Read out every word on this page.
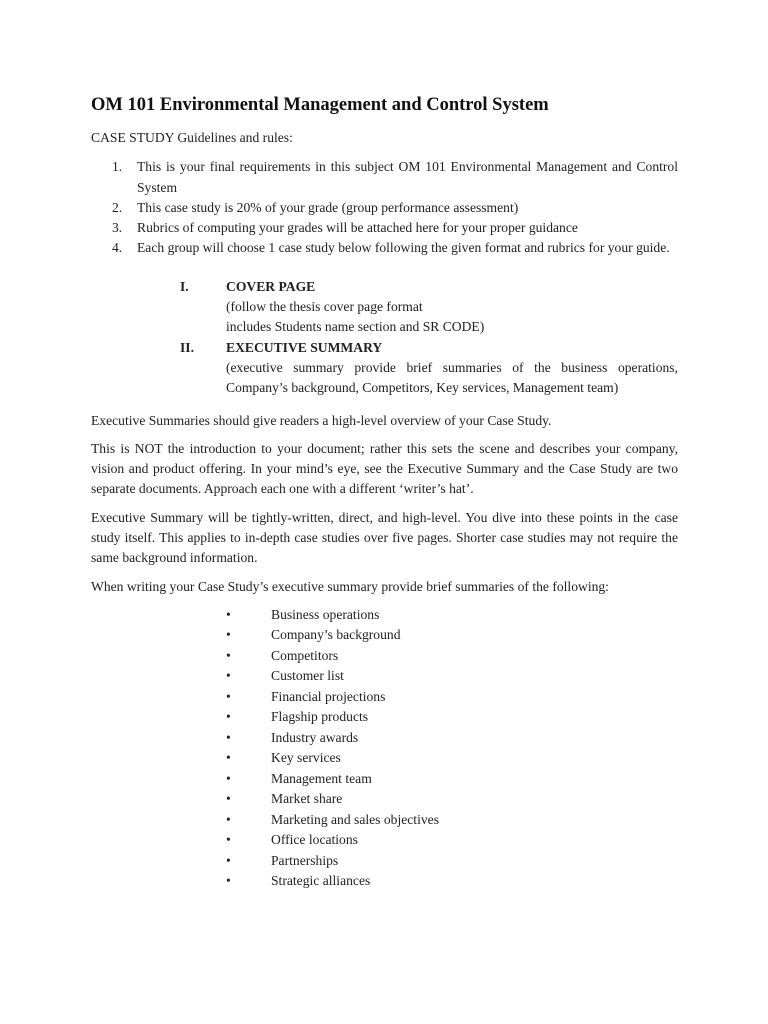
OM 101 Environmental Management and Control System
CASE STUDY Guidelines and rules:
1.	This is your final requirements in this subject OM 101 Environmental Management and Control System
2.	This case study is 20% of your grade (group performance assessment)
3.	Rubrics of computing your grades will be attached here for your proper guidance
4.	Each group will choose 1 case study below following the given format and rubrics for your guide.
I.	COVER PAGE
(follow the thesis cover page format
includes Students name section and SR CODE)
II.	EXECUTIVE SUMMARY
(executive summary provide brief summaries of the business operations, Company’s background, Competitors, Key services, Management team)

Executive Summaries should give readers a high-level overview of your Case Study.

This is NOT the introduction to your document; rather this sets the scene and describes your company, vision and product offering. In your mind’s eye, see the Executive Summary and the Case Study are two separate documents. Approach each one with a different ‘writer’s hat’.

Executive Summary will be tightly-written, direct, and high-level. You dive into these points in the case study itself. This applies to in-depth case studies over five pages. Shorter case studies may not require the same background information.

When writing your Case Study’s executive summary provide brief summaries of the following:

•	Business operations
•	Company’s background
•	Competitors
•	Customer list
•	Financial projections
•	Flagship products
•	Industry awards
•	Key services
•	Management team
•	Market share
•	Marketing and sales objectives
•	Office locations
•	Partnerships
•	Strategic alliances
